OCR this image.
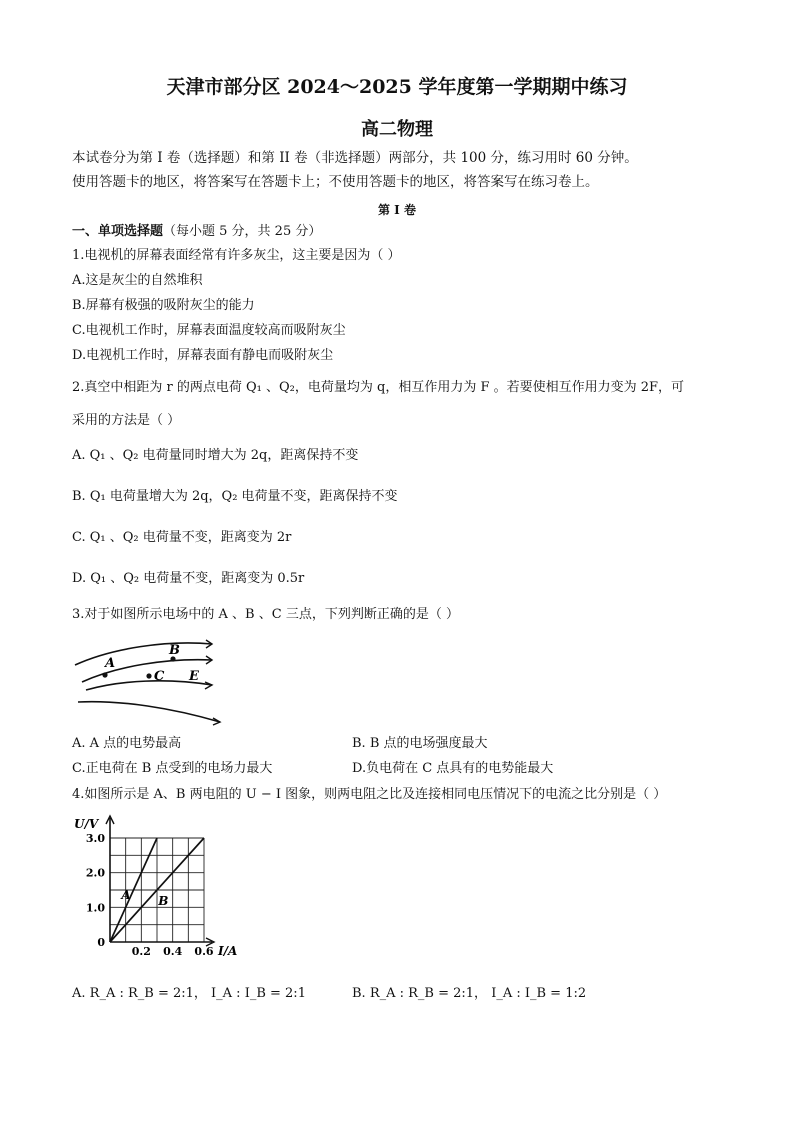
天津市部分区 2024～2025 学年度第一学期期中练习
高二物理
本试卷分为第 I 卷（选择题）和第 II 卷（非选择题）两部分，共 100 分，练习用时 60 分钟。
使用答题卡的地区，将答案写在答题卡上；不使用答题卡的地区，将答案写在练习卷上。
第 I 卷
一、单项选择题（每小题 5 分，共 25 分）
1.电视机的屏幕表面经常有许多灰尘，这主要是因为（ ）
A.这是灰尘的自然堆积
B.屏幕有极强的吸附灰尘的能力
C.电视机工作时，屏幕表面温度较高而吸附灰尘
D.电视机工作时，屏幕表面有静电而吸附灰尘
2.真空中相距为 r 的两点电荷 Q₁ 、Q₂，电荷量均为 q，相互作用力为 F 。若要使相互作用力变为 2F，可
采用的方法是（ ）
A. Q₁ 、Q₂ 电荷量同时增大为 2q，距离保持不变
B. Q₁ 电荷量增大为 2q，Q₂ 电荷量不变，距离保持不变
C. Q₁ 、Q₂ 电荷量不变，距离变为 2r
D. Q₁ 、Q₂ 电荷量不变，距离变为 0.5r
3.对于如图所示电场中的 A 、B 、C 三点，下列判断正确的是（ ）
A
B
C E
A. A 点的电势最高	B. B 点的电场强度最大
C.正电荷在 B 点受到的电场力最大	D.负电荷在 C 点具有的电势能最大
4.如图所示是 A、B 两电阻的 U − I 图象，则两电阻之比及连接相同电压情况下的电流之比分别是（ ）
A B
1.0
2.0
3.0
0.2 0.4 0.6
0
U/V
I/A
A. R_A : R_B = 2:1， I_A : I_B = 2:1	B. R_A : R_B = 2:1， I_A : I_B = 1:2
